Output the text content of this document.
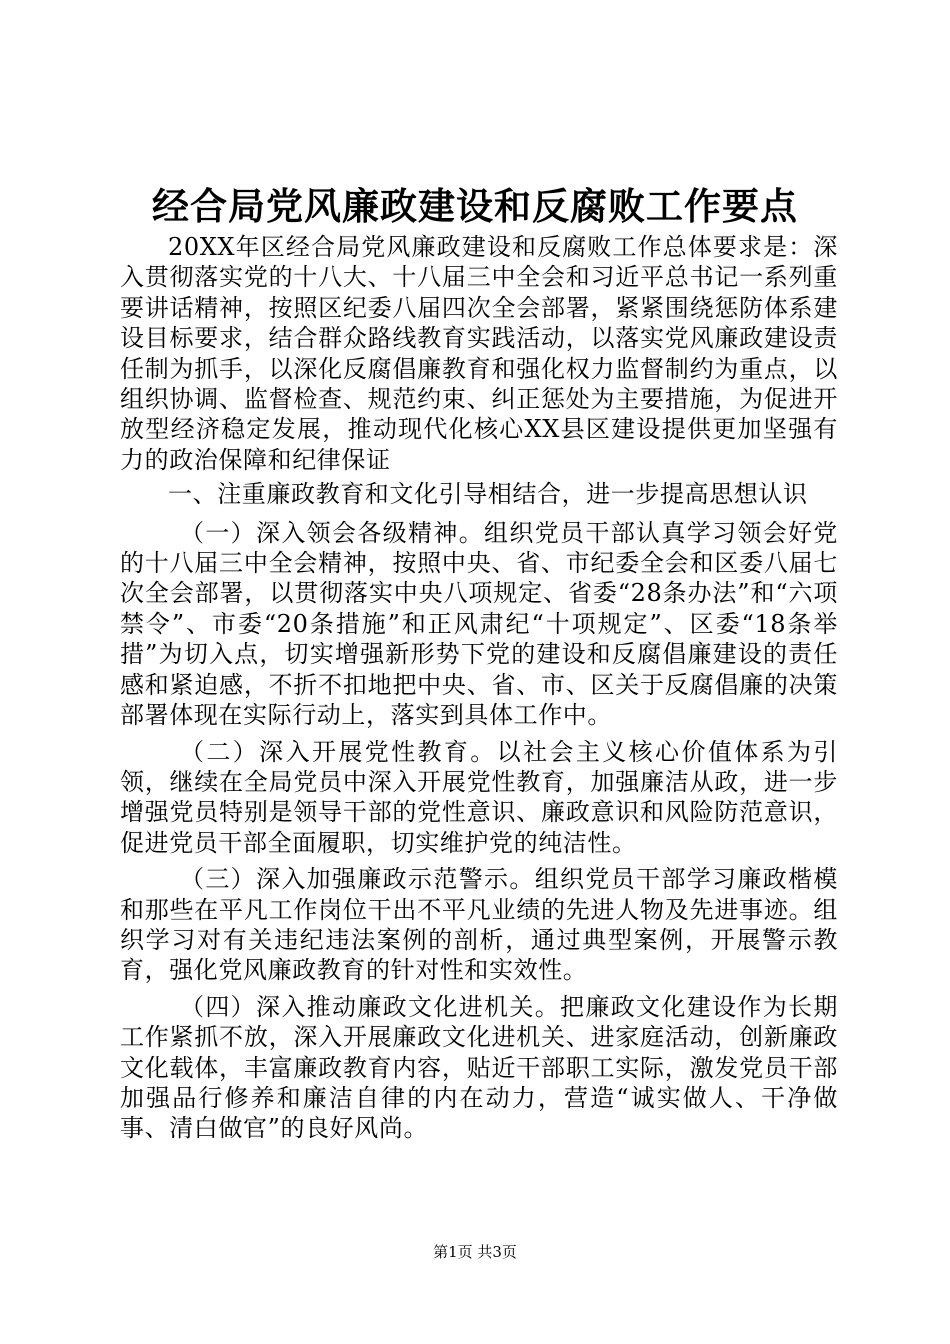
经合局党风廉政建设和反腐败工作要点

20XX年区经合局党风廉政建设和反腐败工作总体要求是：深入贯彻落实党的十八大、十八届三中全会和习近平总书记一系列重要讲话精神，按照区纪委八届四次全会部署，紧紧围绕惩防体系建设目标要求，结合群众路线教育实践活动，以落实党风廉政建设责任制为抓手，以深化反腐倡廉教育和强化权力监督制约为重点，以组织协调、监督检查、规范约束、纠正惩处为主要措施，为促进开放型经济稳定发展，推动现代化核心XX县区建设提供更加坚强有力的政治保障和纪律保证

一、注重廉政教育和文化引导相结合，进一步提高思想认识

（一）深入领会各级精神。组织党员干部认真学习领会好党的十八届三中全会精神，按照中央、省、市纪委全会和区委八届七次全会部署，以贯彻落实中央八项规定、省委“28条办法”和“六项禁令”、市委“20条措施”和正风肃纪“十项规定”、区委“18条举措”为切入点，切实增强新形势下党的建设和反腐倡廉建设的责任感和紧迫感，不折不扣地把中央、省、市、区关于反腐倡廉的决策部署体现在实际行动上，落实到具体工作中。

（二）深入开展党性教育。以社会主义核心价值体系为引领，继续在全局党员中深入开展党性教育，加强廉洁从政，进一步增强党员特别是领导干部的党性意识、廉政意识和风险防范意识，促进党员干部全面履职，切实维护党的纯洁性。

（三）深入加强廉政示范警示。组织党员干部学习廉政楷模和那些在平凡工作岗位干出不平凡业绩的先进人物及先进事迹。组织学习对有关违纪违法案例的剖析，通过典型案例，开展警示教育，强化党风廉政教育的针对性和实效性。

（四）深入推动廉政文化进机关。把廉政文化建设作为长期工作紧抓不放，深入开展廉政文化进机关、进家庭活动，创新廉政文化载体，丰富廉政教育内容，贴近干部职工实际，激发党员干部加强品行修养和廉洁自律的内在动力，营造“诚实做人、干净做事、清白做官”的良好风尚。

第1页 共3页
